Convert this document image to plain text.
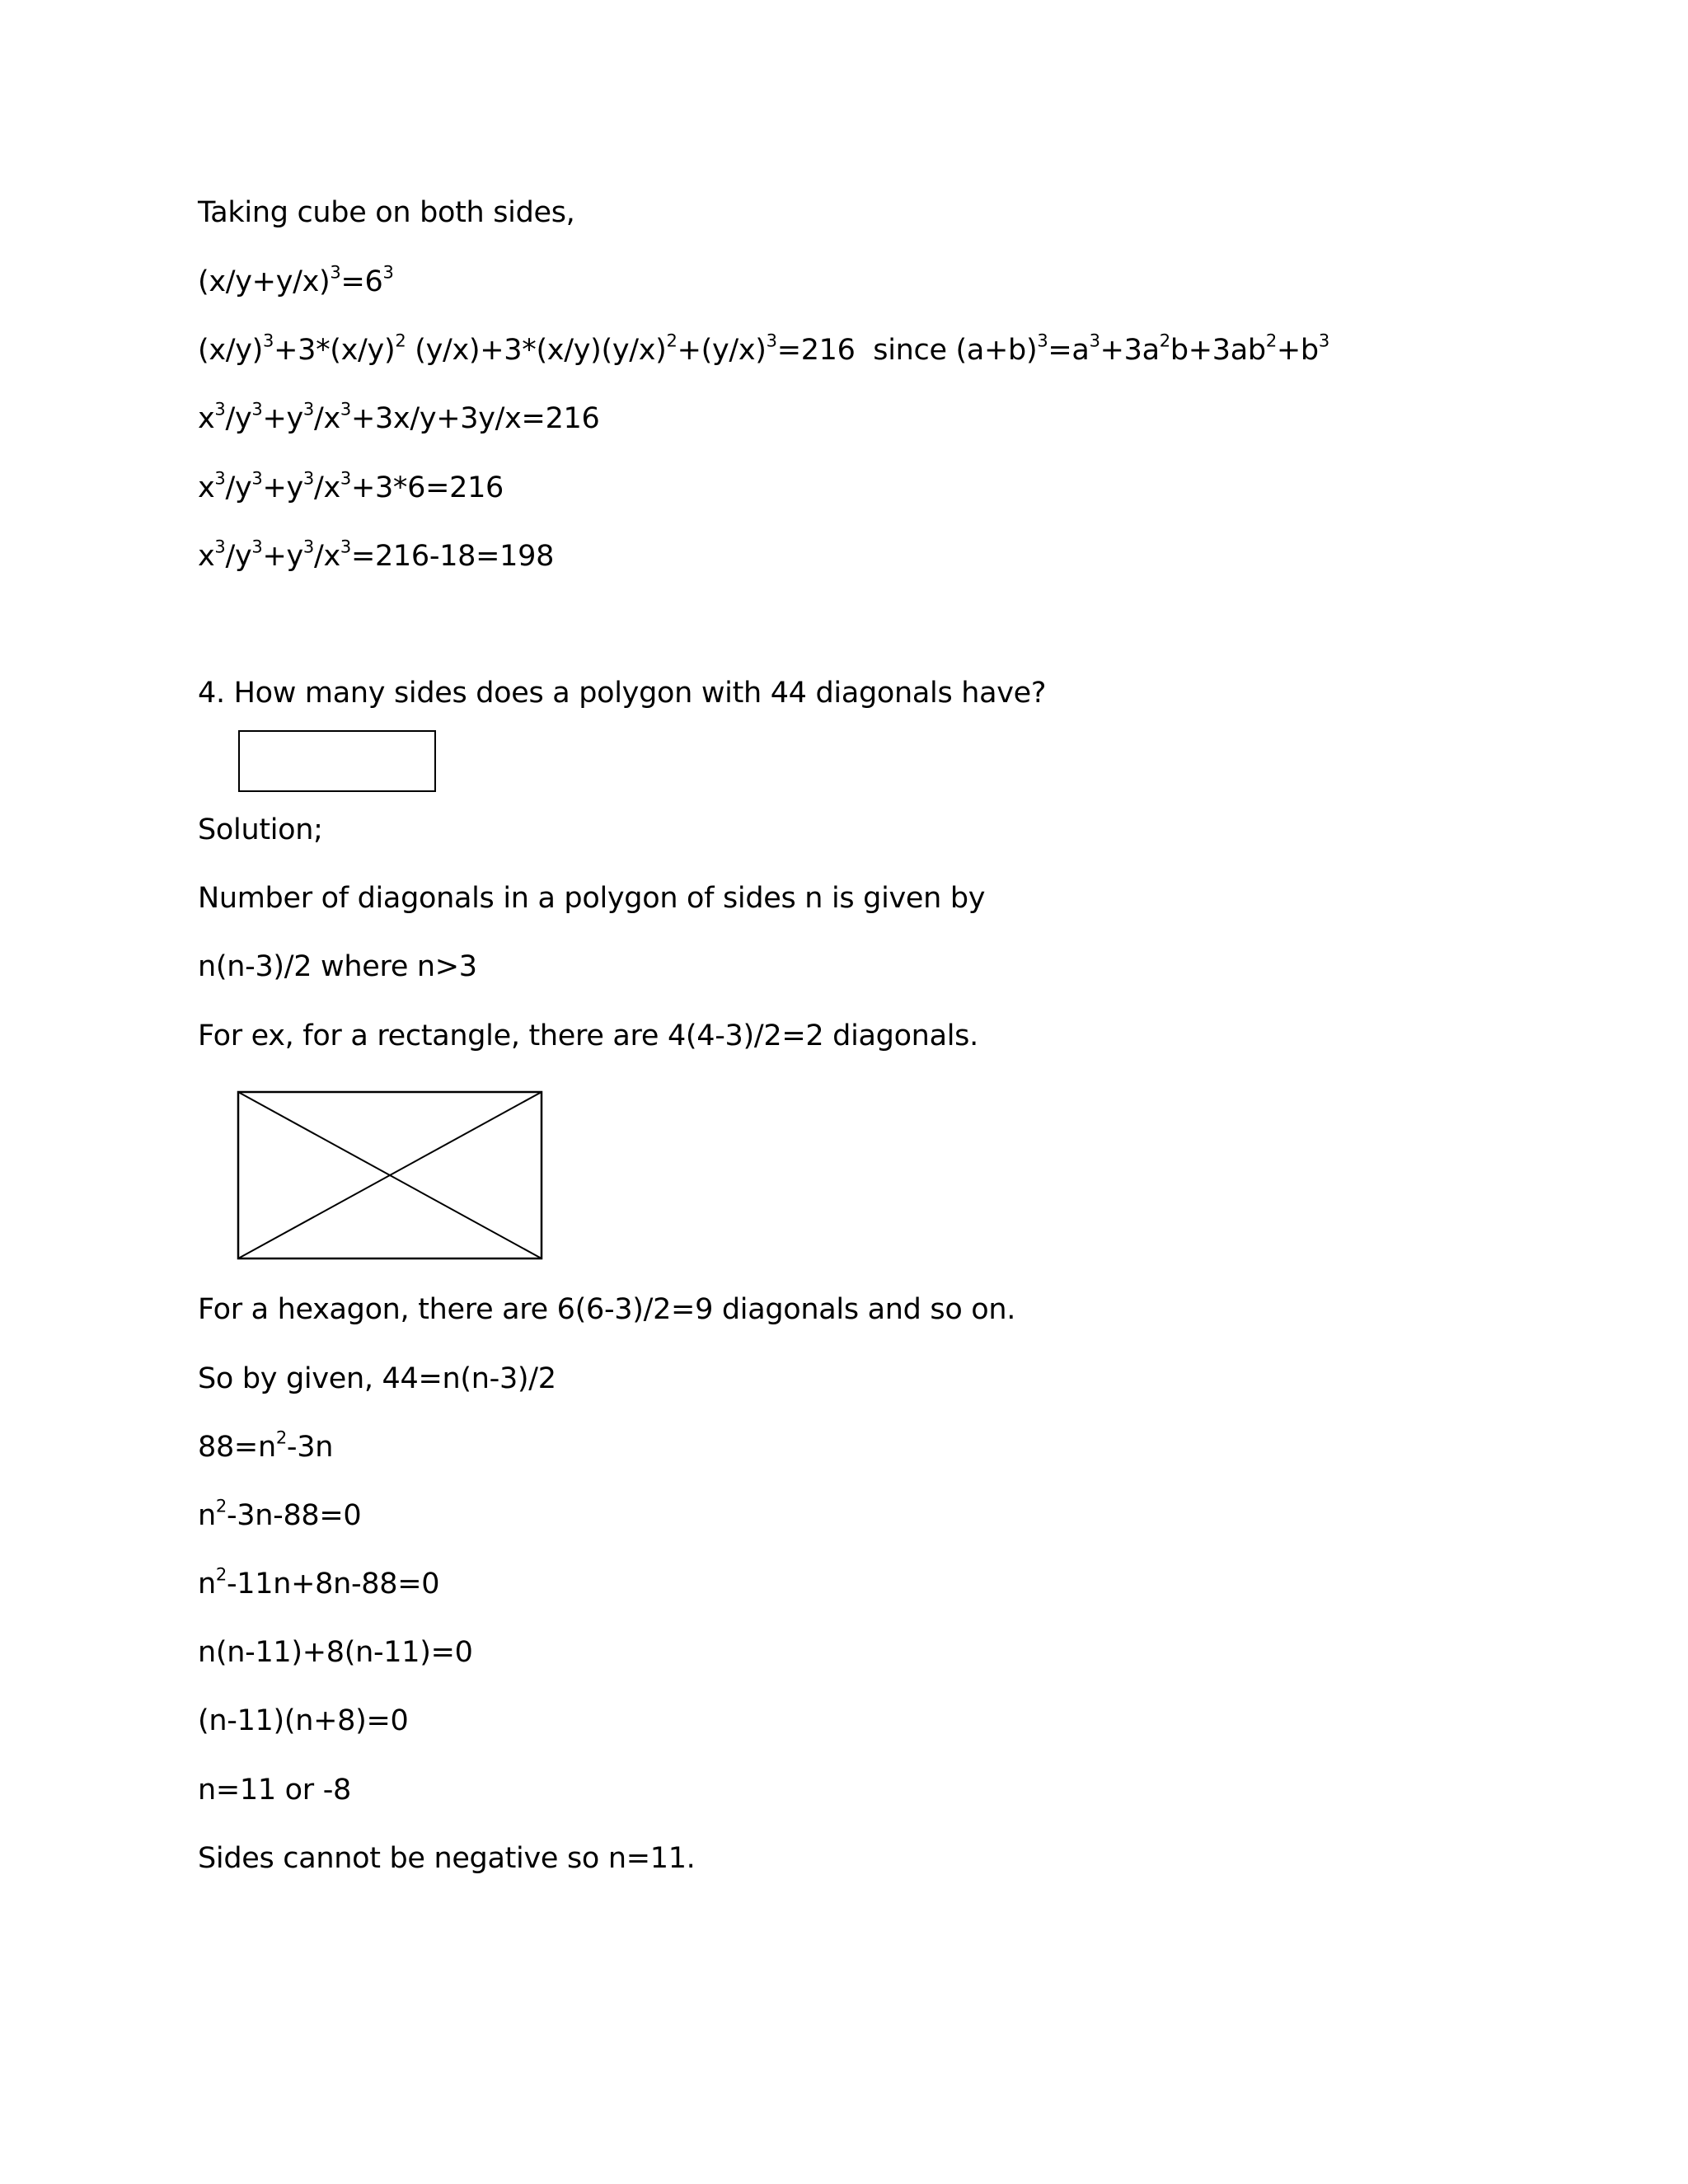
Taking cube on both sides,

$(x/y+y/x)^3=6^3$

$(x/y)^3+3*(x/y)^2$ $(y/x)+3*(x/y)(y/x)^2+(y/x)^3=216$  since $(a+b)^3=a^3+3a^2b+3ab^2+b^3$

$x^3/y^3+y^3/x^3+3x/y+3y/x=216$

$x^3/y^3+y^3/x^3+3*6=216$

$x^3/y^3+y^3/x^3=216-18=198$

4. How many sides does a polygon with 44 diagonals have?

Solution;

Number of diagonals in a polygon of sides n is given by

n(n-3)/2 where n>3

For ex, for a rectangle, there are 4(4-3)/2=2 diagonals.

For a hexagon, there are 6(6-3)/2=9 diagonals and so on.

So by given, 44=n(n-3)/2

$88=n^2-3n$

$n^2-3n-88=0$

$n^2-11n+8n-88=0$

n(n-11)+8(n-11)=0

(n-11)(n+8)=0

n=11 or -8

Sides cannot be negative so n=11.
